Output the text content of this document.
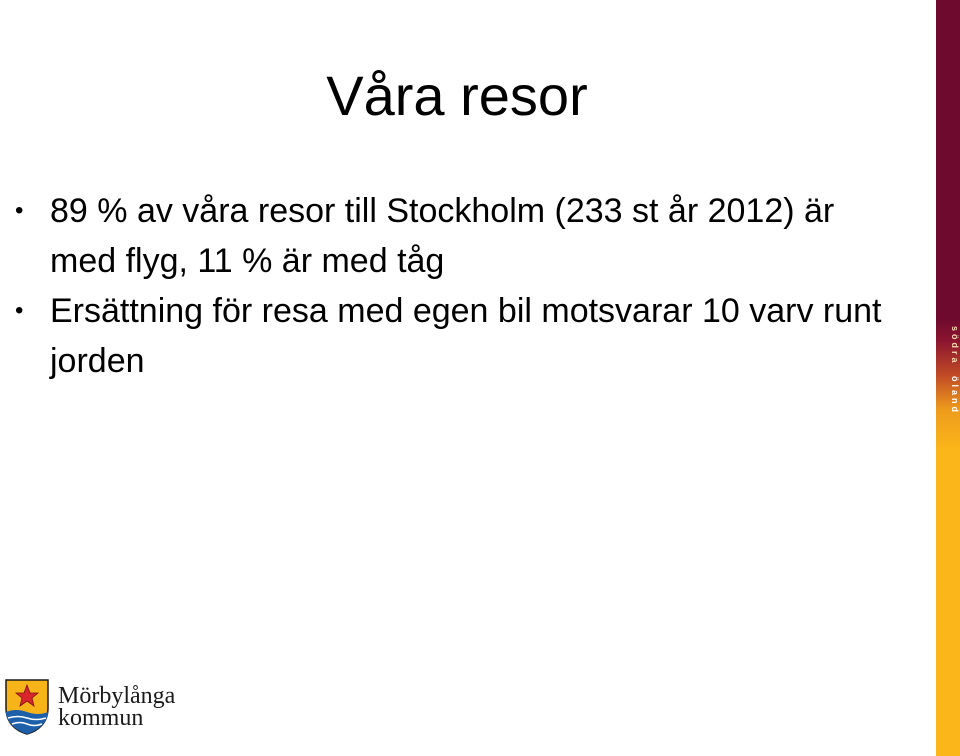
Våra resor
• 89 % av våra resor till Stockholm (233 st år 2012) är med flyg, 11 % är med tåg
• Ersättning för resa med egen bil motsvarar 10 varv runt jorden	södra
öland
Mörbylånga
kommun
